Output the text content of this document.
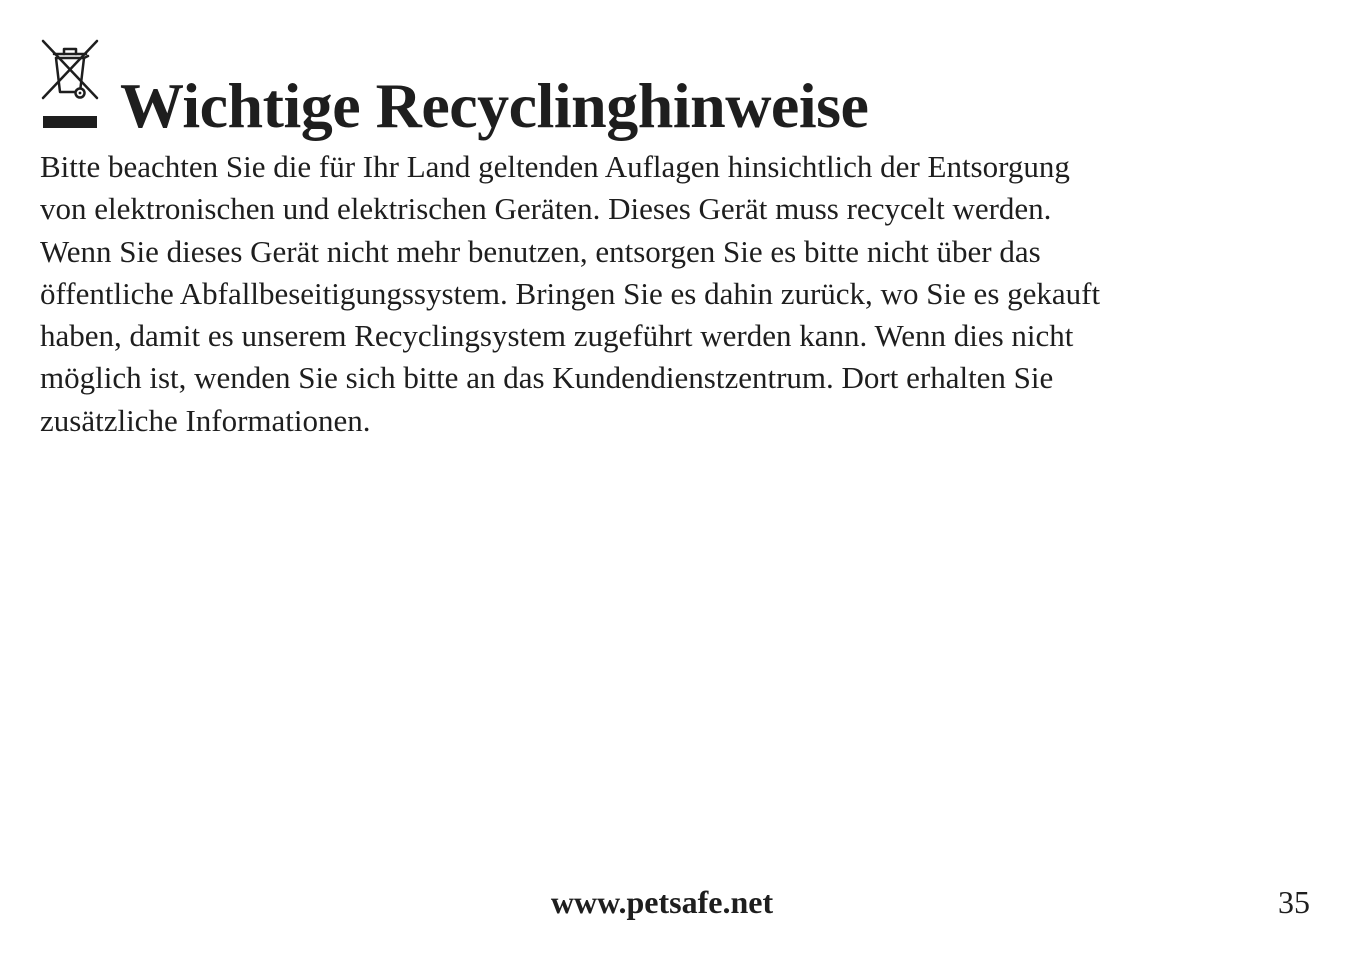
Wichtige Recyclinghinweise

Bitte beachten Sie die für Ihr Land geltenden Auflagen hinsichtlich der Entsorgung
von elektronischen und elektrischen Geräten. Dieses Gerät muss recycelt werden.
Wenn Sie dieses Gerät nicht mehr benutzen, entsorgen Sie es bitte nicht über das
öffentliche Abfallbeseitigungssystem. Bringen Sie es dahin zurück, wo Sie es gekauft
haben, damit es unserem Recyclingsystem zugeführt werden kann. Wenn dies nicht
möglich ist, wenden Sie sich bitte an das Kundendienstzentrum. Dort erhalten Sie
zusätzliche Informationen.

www.petsafe.net	35
